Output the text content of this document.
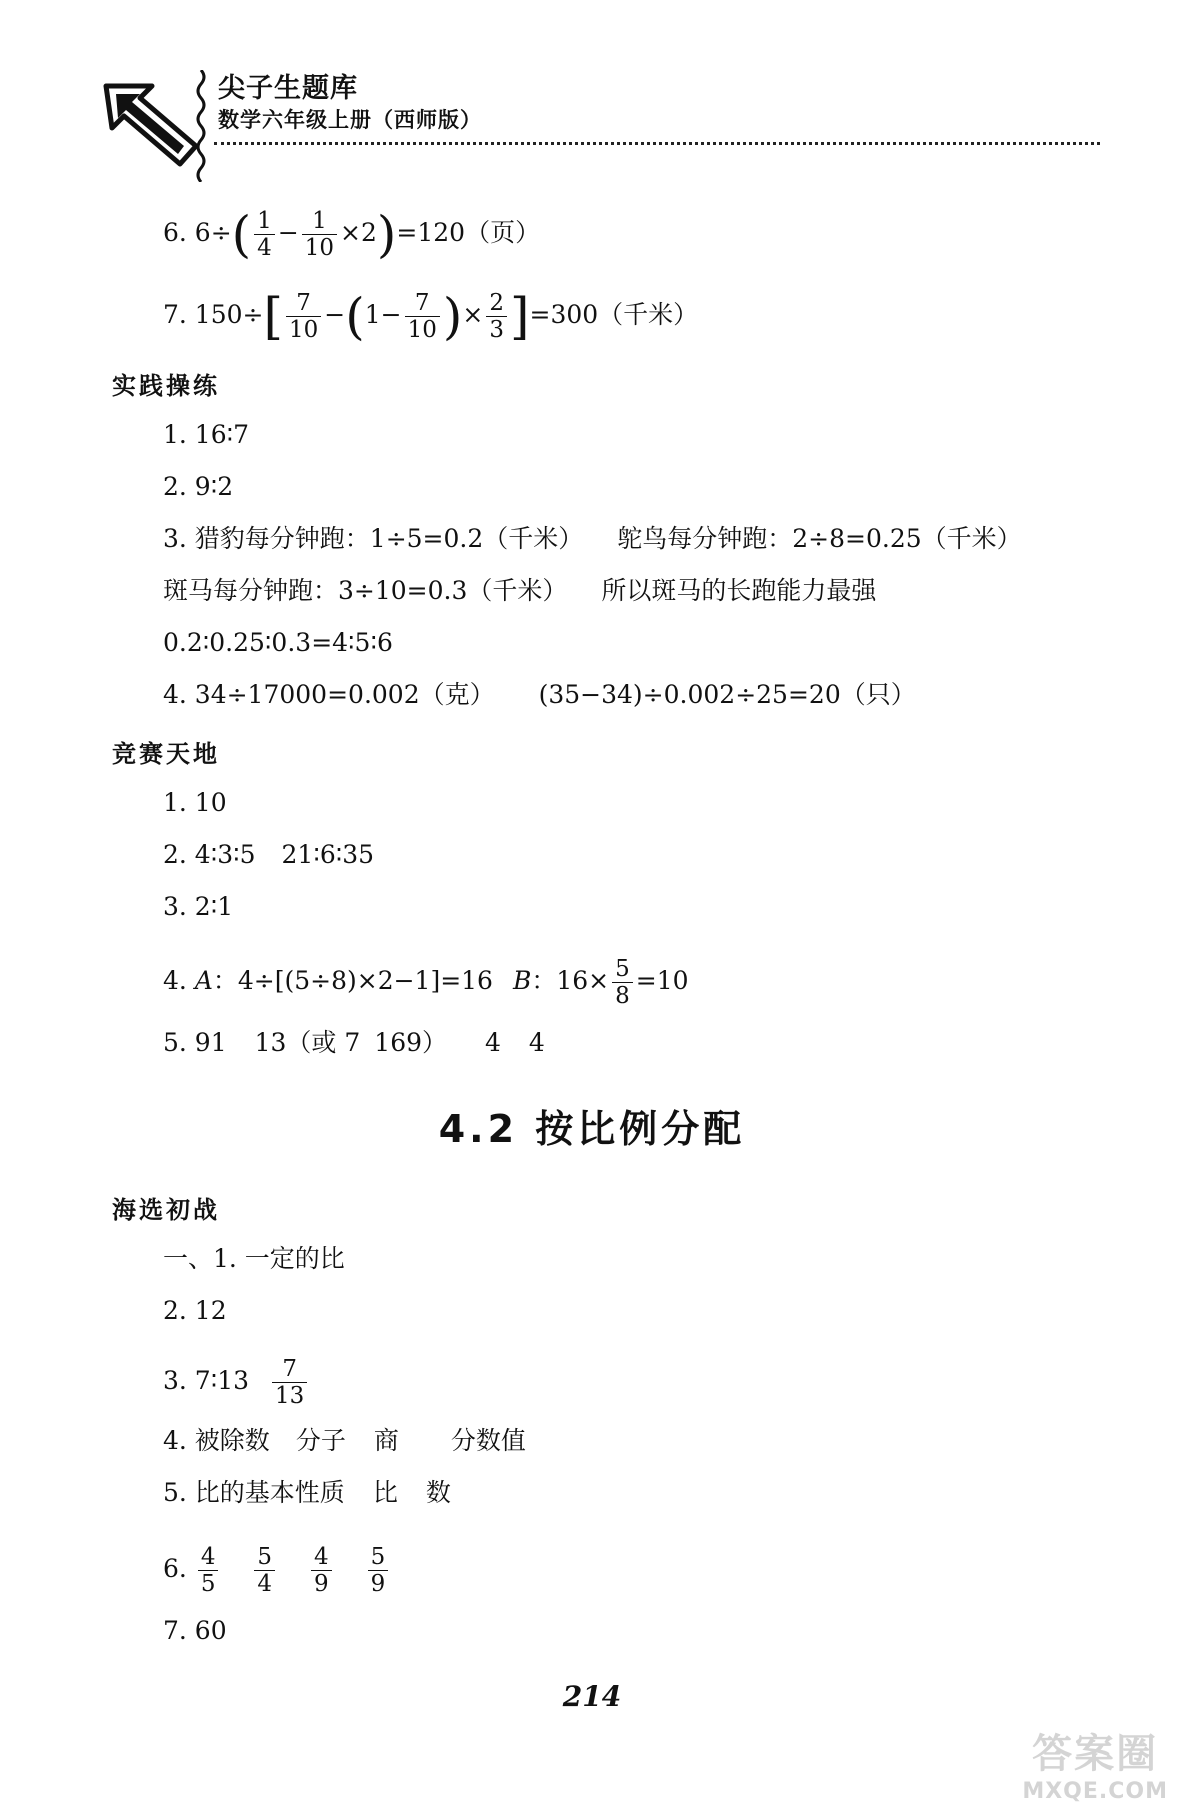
尖子生题库
数学六年级上册（西师版）
6. $6\div( \frac{1}{4} - \frac{1}{10} \times 2)=120$（页）
7. $150\div[ \frac{7}{10} -(1- \frac{7}{10}$ )× $\frac{2}{3} ]=300$（千米）
实践操练
1. 16∶7
2. 9∶2
3. 猎豹每分钟跑：1÷5=0.2（千米） 鸵鸟每分钟跑：2÷8=0.25（千米）
斑马每分钟跑：3÷10=0.3（千米） 所以斑马的长跑能力最强
0.2∶0.25∶0.3=4∶5∶6
4. 34÷17000=0.002（克） (35−34)÷0.002÷25=20（只）
竞赛天地
1. 10
2. 4∶3∶5 21∶6∶35
3. 2∶1
4. A：4÷[(5÷8)×2−1]=16 B：$16\times \frac{5}{8} =10$
5. 91 13（或 7 169） 4 4
4.2 按比例分配
海选初战
一、1. 一定的比
2. 12
3. 7∶13 $\frac{7}{13}$
4. 被除数 分子 商 分数值
5. 比的基本性质 比 数
6. $\frac{4}{5}$
$\frac{5}{4}$
$\frac{4}{9}$
$\frac{5}{9}$
7. 60
214
答案圈
MXQE.COM
